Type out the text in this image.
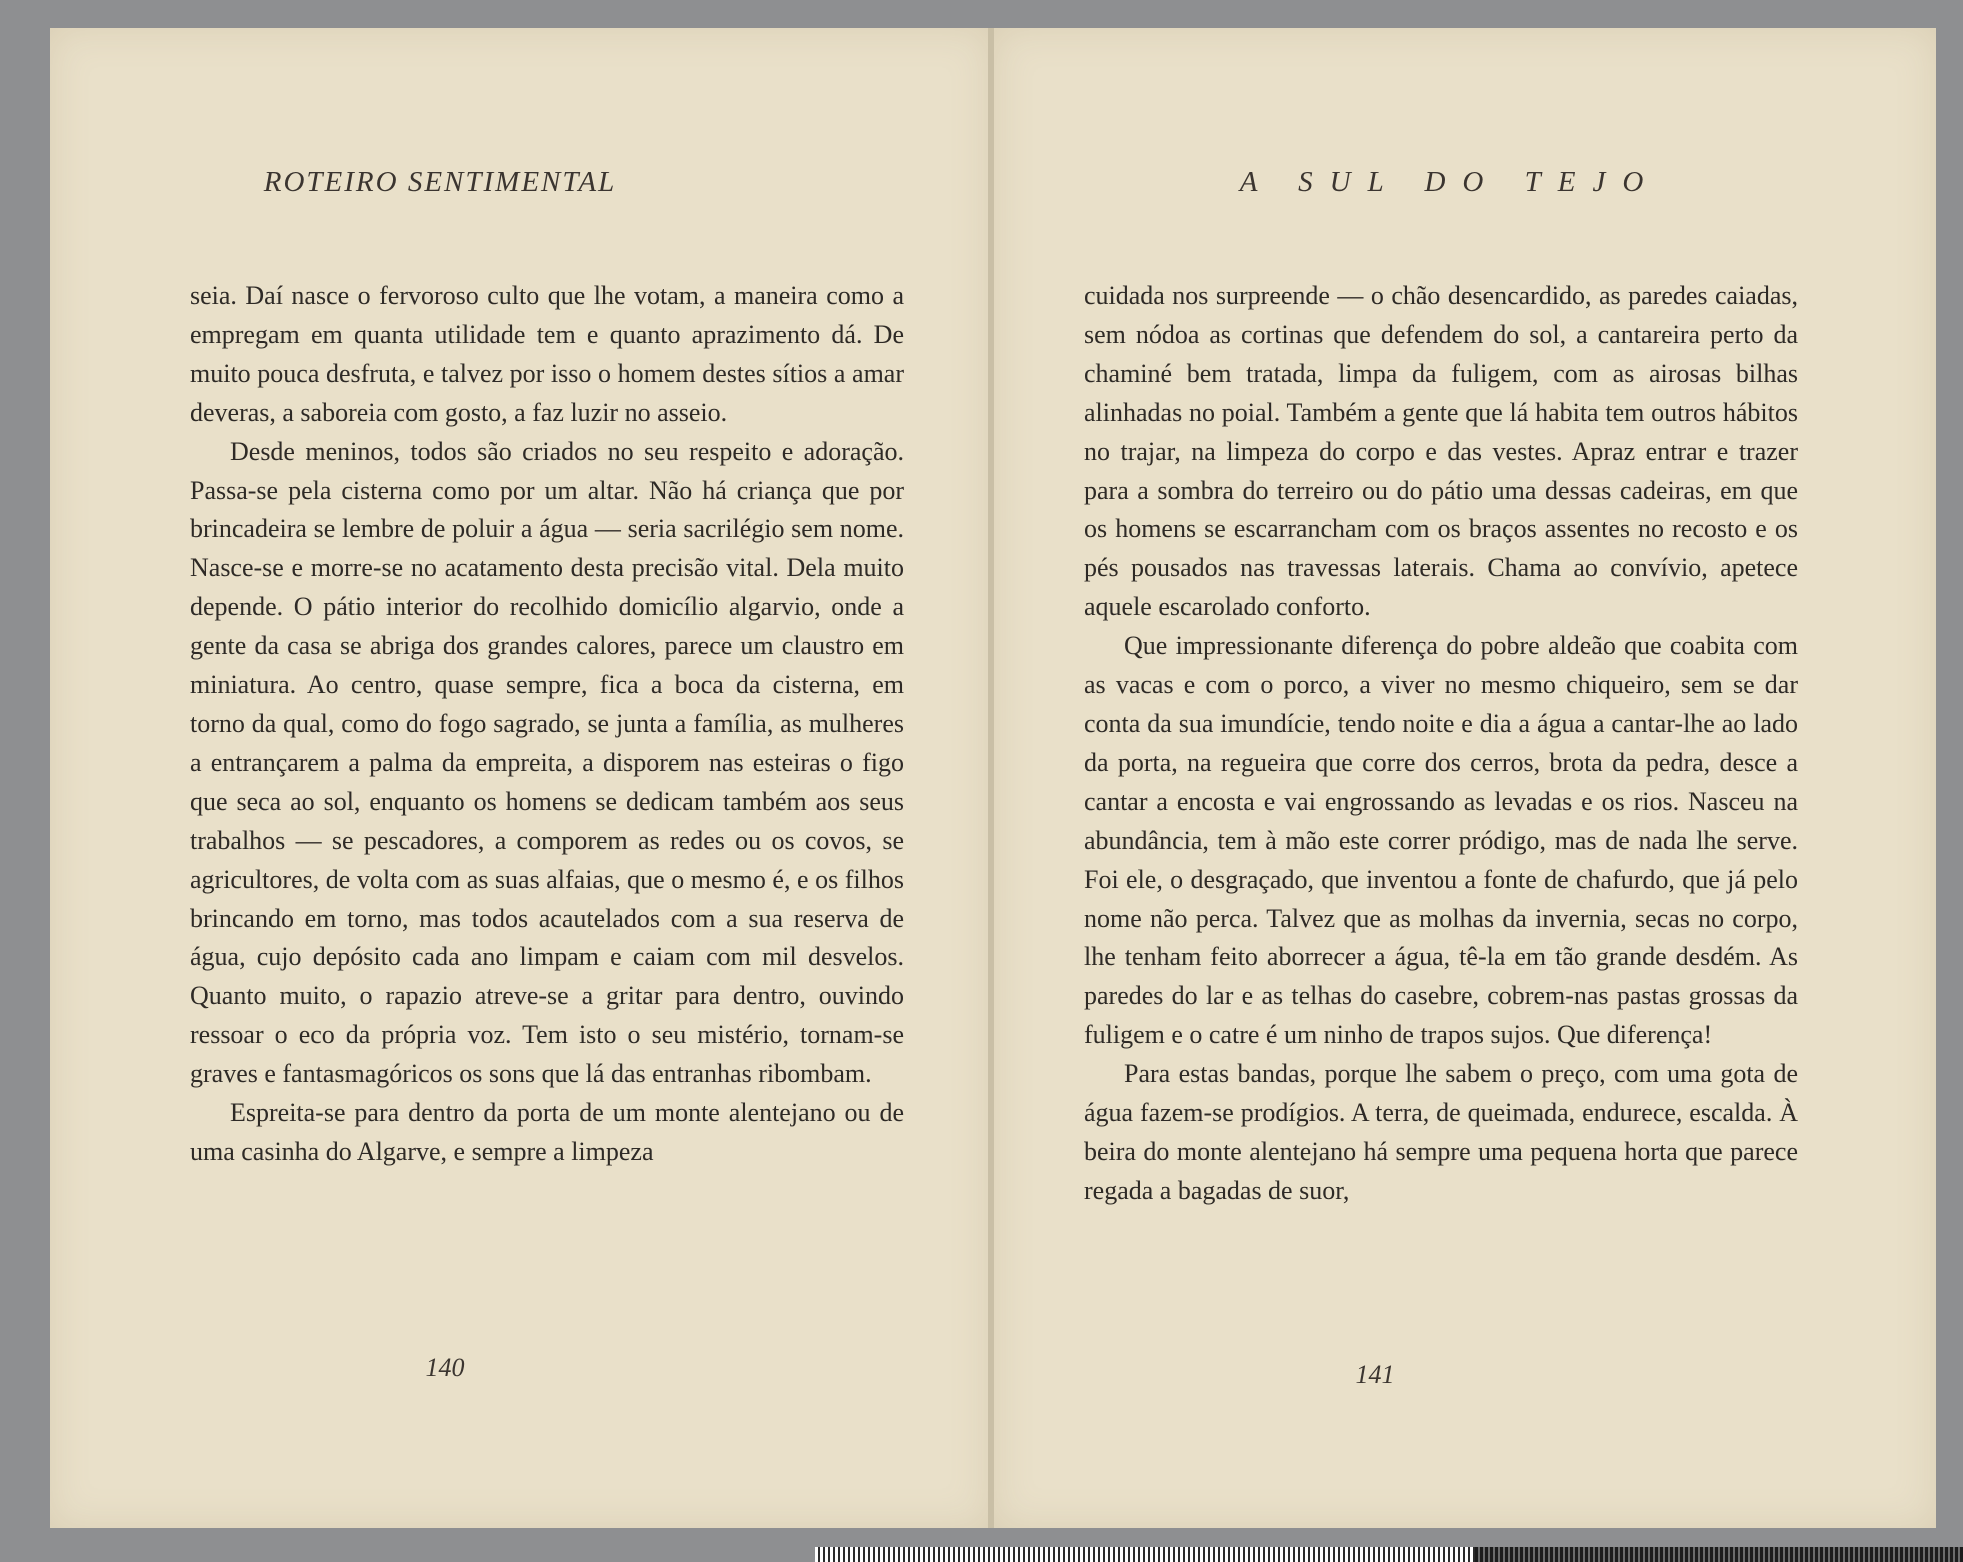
ROTEIRO SENTIMENTAL

seia. Daí nasce o fervoroso culto que lhe votam, a maneira como a empregam em quanta utilidade tem e quanto aprazimento dá. De muito pouca desfruta, e talvez por isso o homem destes sítios a amar deveras, a saboreia com gosto, a faz luzir no asseio.

Desde meninos, todos são criados no seu respeito e adoração. Passa-se pela cisterna como por um altar. Não há criança que por brincadeira se lembre de poluir a água — seria sacrilégio sem nome. Nasce-se e morre-se no acatamento desta precisão vital. Dela muito depende. O pátio interior do recolhido domicílio algarvio, onde a gente da casa se abriga dos grandes calores, parece um claustro em miniatura. Ao centro, quase sempre, fica a boca da cisterna, em torno da qual, como do fogo sagrado, se junta a família, as mulheres a entrançarem a palma da empreita, a disporem nas esteiras o figo que seca ao sol, enquanto os homens se dedicam também aos seus trabalhos — se pescadores, a comporem as redes ou os covos, se agricultores, de volta com as suas alfaias, que o mesmo é, e os filhos brincando em torno, mas todos acautelados com a sua reserva de água, cujo depósito cada ano limpam e caiam com mil desvelos. Quanto muito, o rapazio atreve-se a gritar para dentro, ouvindo ressoar o eco da própria voz. Tem isto o seu mistério, tornam-se graves e fantasmagóricos os sons que lá das entranhas ribombam.

Espreita-se para dentro da porta de um monte alentejano ou de uma casinha do Algarve, e sempre a limpeza

140
A SUL DO TEJO

cuidada nos surpreende — o chão desencardido, as paredes caiadas, sem nódoa as cortinas que defendem do sol, a cantareira perto da chaminé bem tratada, limpa da fuligem, com as airosas bilhas alinhadas no poial. Também a gente que lá habita tem outros hábitos no trajar, na limpeza do corpo e das vestes. Apraz entrar e trazer para a sombra do terreiro ou do pátio uma dessas cadeiras, em que os homens se escarrancham com os braços assentes no recosto e os pés pousados nas travessas laterais. Chama ao convívio, apetece aquele escarolado conforto.

Que impressionante diferença do pobre aldeão que coabita com as vacas e com o porco, a viver no mesmo chiqueiro, sem se dar conta da sua imundície, tendo noite e dia a água a cantar-lhe ao lado da porta, na regueira que corre dos cerros, brota da pedra, desce a cantar a encosta e vai engrossando as levadas e os rios. Nasceu na abundância, tem à mão este correr pródigo, mas de nada lhe serve. Foi ele, o desgraçado, que inventou a fonte de chafurdo, que já pelo nome não perca. Talvez que as molhas da invernia, secas no corpo, lhe tenham feito aborrecer a água, tê-la em tão grande desdém. As paredes do lar e as telhas do casebre, cobrem-nas pastas grossas da fuligem e o catre é um ninho de trapos sujos. Que diferença!

Para estas bandas, porque lhe sabem o preço, com uma gota de água fazem-se prodígios. A terra, de queimada, endurece, escalda. À beira do monte alentejano há sempre uma pequena horta que parece regada a bagadas de suor,

141
